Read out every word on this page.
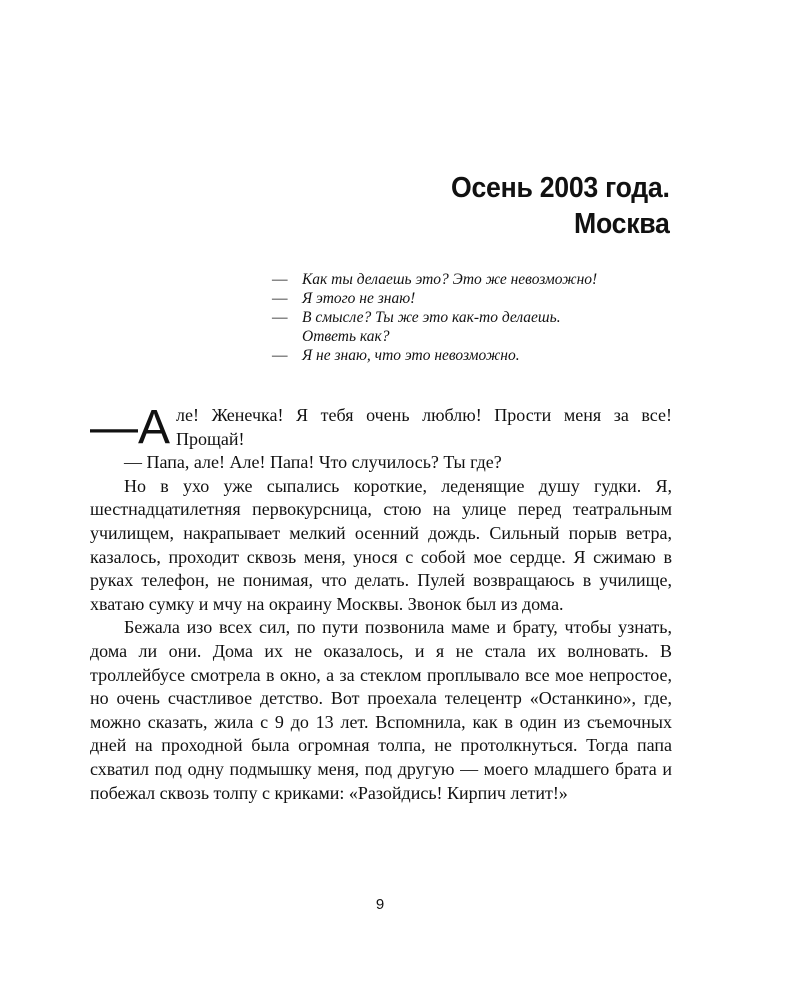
Осень 2003 года.
Москва
— Как ты делаешь это? Это же невозможно!
— Я этого не знаю!
— В смысле? Ты же это как-то делаешь.
Ответь как?
— Я не знаю, что это невозможно.

—А ле! Женечка! Я тебя очень люблю! Прости меня за все! Прощай!

— Папа, але! Але! Папа! Что случилось? Ты где?

Но в ухо уже сыпались короткие, леденящие душу гудки. Я, шестнадцатилетняя первокурсница, стою на улице перед театральным училищем, накрапывает мелкий осенний дождь. Сильный порыв ветра, казалось, проходит сквозь меня, унося с собой мое сердце. Я сжимаю в руках телефон, не понимая, что делать. Пулей возвращаюсь в училище, хватаю сумку и мчу на окраину Москвы. Звонок был из дома.

Бежала изо всех сил, по пути позвонила маме и брату, чтобы узнать, дома ли они. Дома их не оказалось, и я не стала их волновать. В троллейбусе смотрела в окно, а за стеклом проплывало все мое непростое, но очень счастливое детство. Вот проехала телецентр «Останкино», где, можно сказать, жила с 9 до 13 лет. Вспомнила, как в один из съемочных дней на проходной была огромная толпа, не протолкнуться. Тогда папа схватил под одну подмышку меня, под другую — моего младшего брата и побежал сквозь толпу с криками: «Разойдись! Кирпич летит!»

9
